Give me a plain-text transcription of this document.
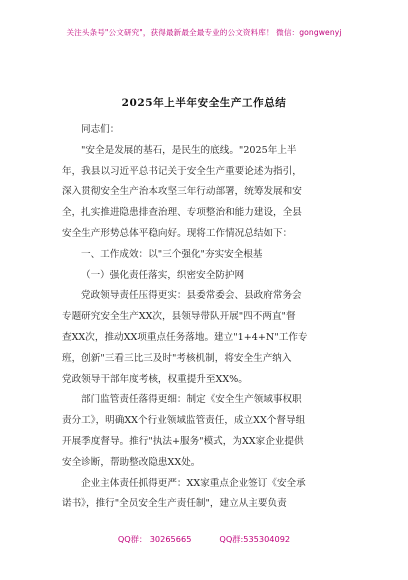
关注头条号"公文研究"，获得最新最全最专业的公文资料库！ 微信：gongwenyj
2025年上半年安全生产工作总结
同志们：
"安全是发展的基石，是民生的底线。"2025年上半
年，我县以习近平总书记关于安全生产重要论述为指引，
深入贯彻安全生产治本攻坚三年行动部署，统筹发展和安
全，扎实推进隐患排查治理、专项整治和能力建设，全县
安全生产形势总体平稳向好。现将工作情况总结如下：
一、工作成效：以"三个强化"夯实安全根基
（一）强化责任落实，织密安全防护网
党政领导责任压得更实：县委常委会、县政府常务会
专题研究安全生产XX次，县领导带队开展"四不两直"督
查XX次，推动XX项重点任务落地。建立"1+4+N"工作专
班，创新"三看三比三及时"考核机制，将安全生产纳入
党政领导干部年度考核，权重提升至XX%。
部门监管责任落得更细：制定《安全生产领域事权职
责分工》，明确XX个行业领域监管责任，成立XX个督导组
开展季度督导。推行"执法+服务"模式，为XX家企业提供
安全诊断，帮助整改隐患XX处。
企业主体责任抓得更严：XX家重点企业签订《安全承
诺书》，推行"全员安全生产责任制"，建立从主要负责
QQ群： 30265665	QQ群:535304092
